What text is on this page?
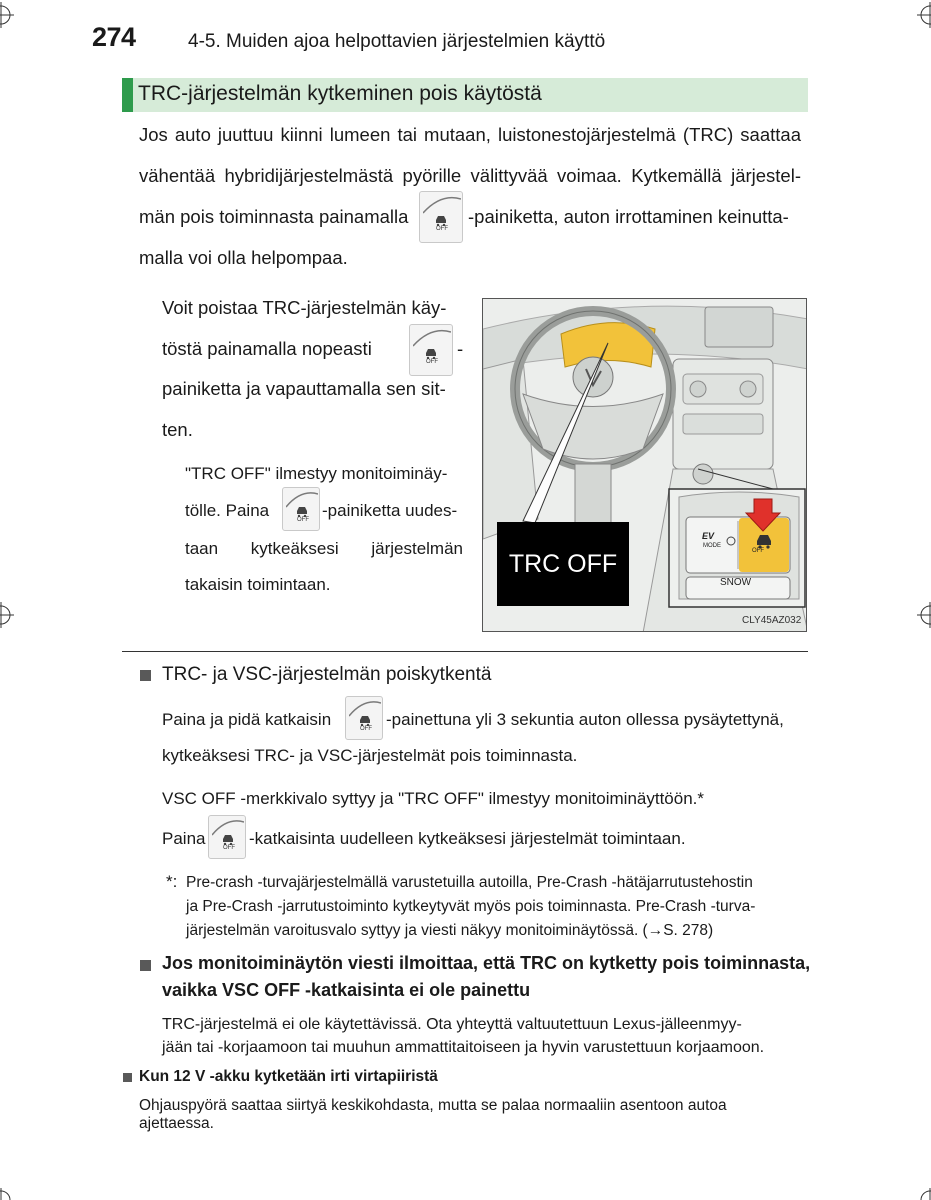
274	4-5. Muiden ajoa helpottavien järjestelmien käyttö
TRC-järjestelmän kytkeminen pois käytöstä
Jos auto juuttuu kiinni lumeen tai mutaan, luistonestojärjestelmä (TRC) saattaa
vähentää hybridijärjestelmästä pyörille välittyvää voimaa. Kytkemällä järjestel-
män pois toiminnasta painamalla
OFF
-painiketta, auton irrottaminen keinutta-
malla voi olla helpompaa.
Voit poistaa TRC-järjestelmän käy-
töstä painamalla nopeasti
OFF
-
painiketta ja vapauttamalla sen sit-
ten.
"TRC OFF" ilmestyy monitoiminäy-
tölle. Paina	OFF -painiketta uudes-
taan kytkeäksesi järjestelmän
takaisin toimintaan.
TRC OFF
EV
MODE
OFF
SNOW
CLY45AZ032
TRC- ja VSC-järjestelmän poiskytkentä
Paina ja pidä katkaisin	OFF -painettuna yli 3 sekuntia auton ollessa pysäytettynä,
kytkeäksesi TRC- ja VSC-järjestelmät pois toiminnasta.
VSC OFF -merkkivalo syttyy ja "TRC OFF" ilmestyy monitoiminäyttöön.*
Paina	OFF -katkaisinta uudelleen kytkeäksesi järjestelmät toimintaan.
*: Pre-crash -turvajärjestelmällä varustetuilla autoilla, Pre-Crash -hätäjarrutustehostin
ja Pre-Crash -jarrutustoiminto kytkeytyvät myös pois toiminnasta. Pre-Crash -turva-
järjestelmän varoitusvalo syttyy ja viesti näkyy monitoiminäytössä. (→S. 278)
Jos monitoiminäytön viesti ilmoittaa, että TRC on kytketty pois toiminnasta,
vaikka VSC OFF -katkaisinta ei ole painettu
TRC-järjestelmä ei ole käytettävissä. Ota yhteyttä valtuutettuun Lexus-jälleenmyy-
jään tai -korjaamoon tai muuhun ammattitaitoiseen ja hyvin varustettuun korjaamoon.
Kun 12 V -akku kytketään irti virtapiiristä
Ohjauspyörä saattaa siirtyä keskikohdasta, mutta se palaa normaaliin asentoon autoa
ajettaessa.
